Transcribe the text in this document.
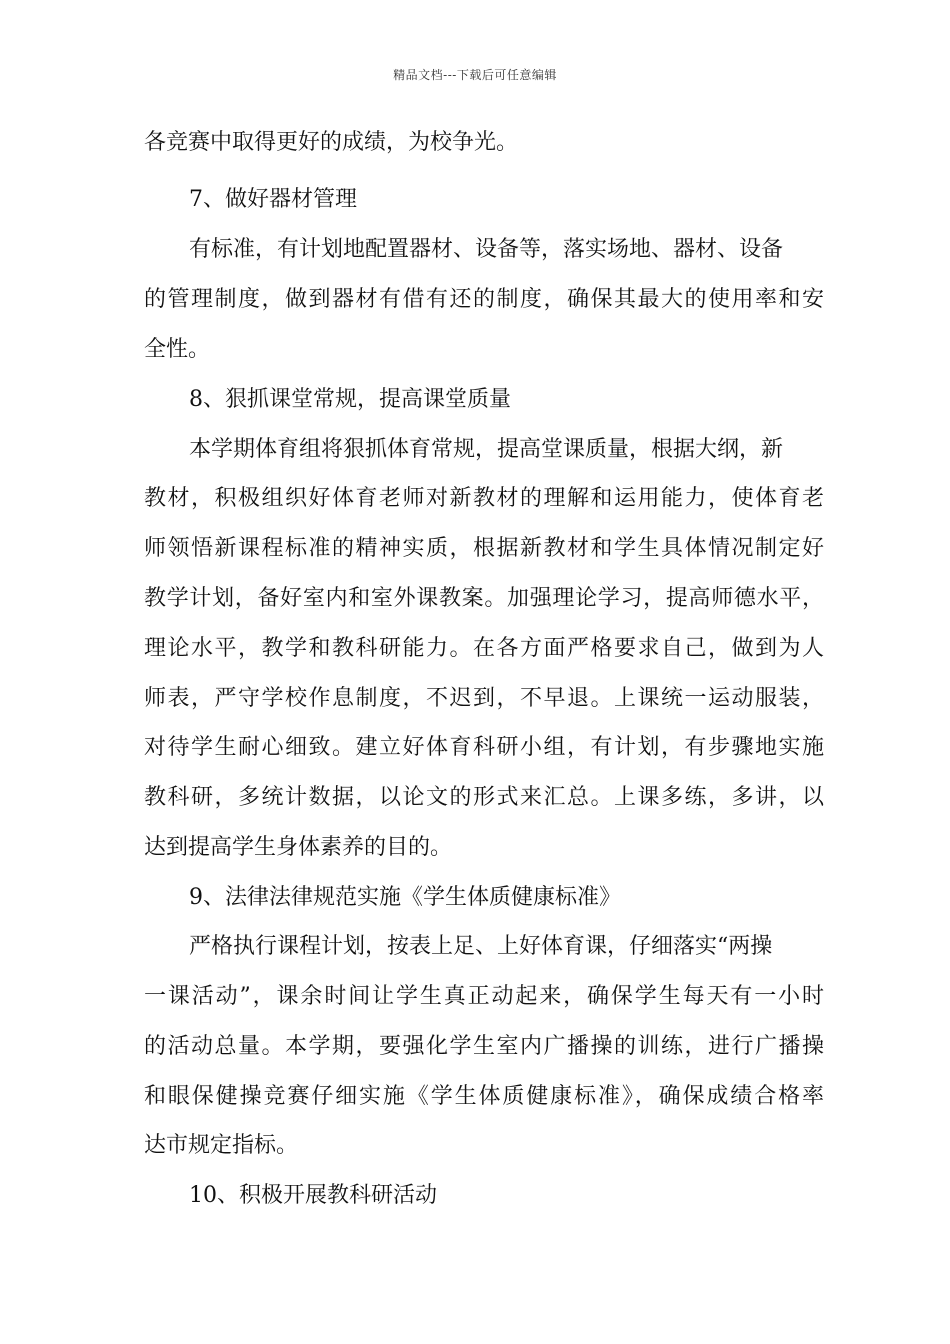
精品文档---下载后可任意编辑
各竞赛中取得更好的成绩，为校争光。
7、做好器材管理
有标准，有计划地配置器材、设备等，落实场地、器材、设备
的管理制度，做到器材有借有还的制度，确保其最大的使用率和安
全性。
8、狠抓课堂常规，提高课堂质量
本学期体育组将狠抓体育常规，提高堂课质量，根据大纲，新
教材，积极组织好体育老师对新教材的理解和运用能力，使体育老
师领悟新课程标准的精神实质，根据新教材和学生具体情况制定好
教学计划，备好室内和室外课教案。加强理论学习，提高师德水平，
理论水平，教学和教科研能力。在各方面严格要求自己，做到为人
师表，严守学校作息制度，不迟到，不早退。上课统一运动服装，
对待学生耐心细致。建立好体育科研小组，有计划，有步骤地实施
教科研，多统计数据，以论文的形式来汇总。上课多练，多讲，以
达到提高学生身体素养的目的。
9、法律法律规范实施《学生体质健康标准》
严格执行课程计划，按表上足、上好体育课，仔细落实“两操
一课活动”，课余时间让学生真正动起来，确保学生每天有一小时
的活动总量。本学期，要强化学生室内广播操的训练，进行广播操
和眼保健操竞赛仔细实施《学生体质健康标准》，确保成绩合格率
达市规定指标。
10、积极开展教科研活动
